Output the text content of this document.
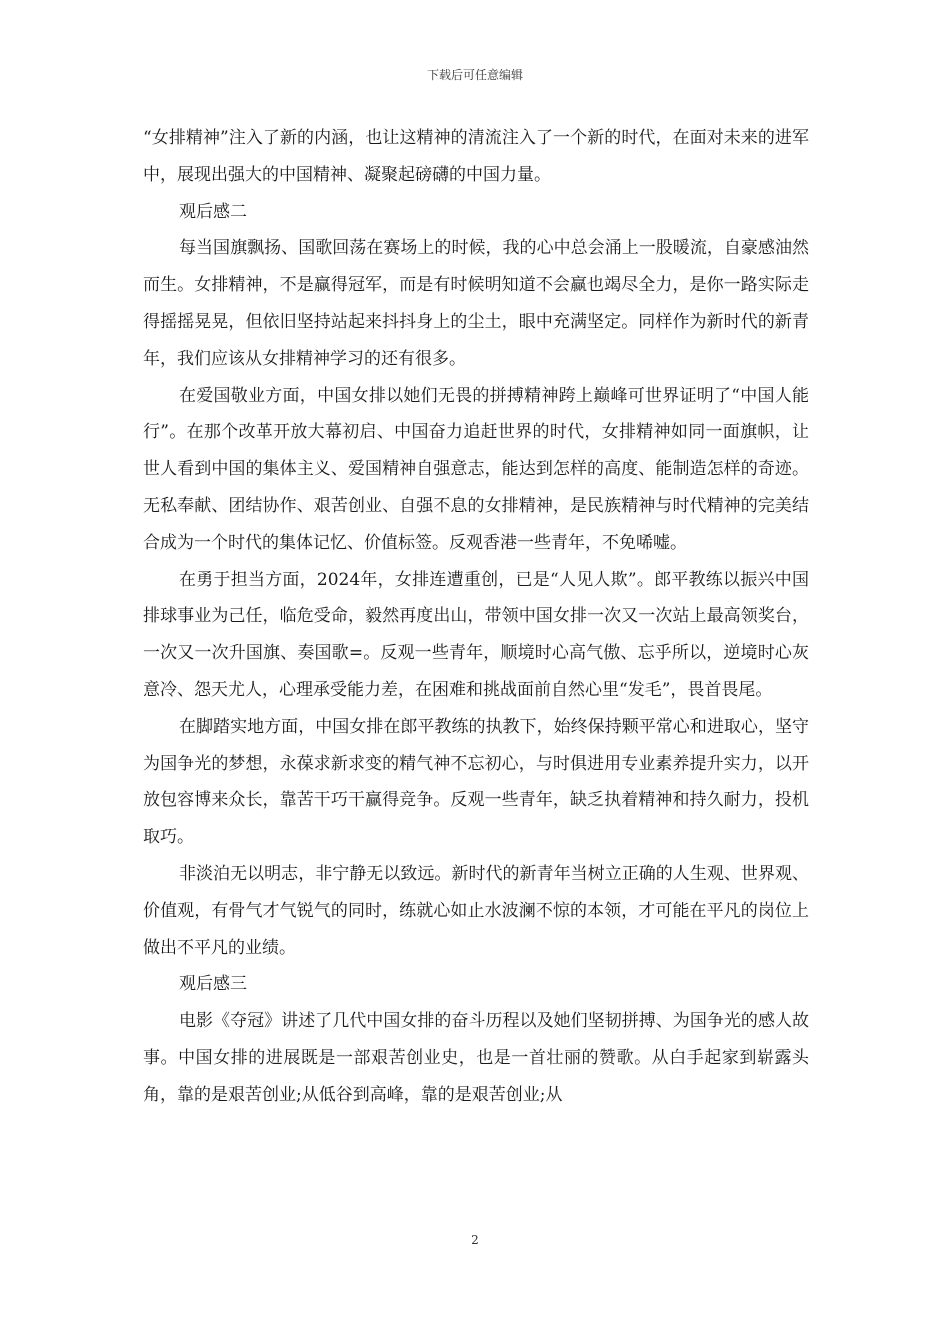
下载后可任意编辑

“女排精神”注入了新的内涵，也让这精神的清流注入了一个新的时代，在面对未来的进军中，展现出强大的中国精神、凝聚起磅礴的中国力量。

观后感二

每当国旗飘扬、国歌回荡在赛场上的时候，我的心中总会涌上一股暖流，自豪感油然而生。女排精神，不是赢得冠军，而是有时候明知道不会赢也竭尽全力，是你一路实际走得摇摇晃晃，但依旧坚持站起来抖抖身上的尘土，眼中充满坚定。同样作为新时代的新青年，我们应该从女排精神学习的还有很多。

在爱国敬业方面，中国女排以她们无畏的拼搏精神跨上巅峰可世界证明了“中国人能行”。在那个改革开放大幕初启、中国奋力追赶世界的时代，女排精神如同一面旗帜，让世人看到中国的集体主义、爱国精神自强意志，能达到怎样的高度、能制造怎样的奇迹。无私奉献、团结协作、艰苦创业、自强不息的女排精神，是民族精神与时代精神的完美结合成为一个时代的集体记忆、价值标签。反观香港一些青年，不免唏嘘。

在勇于担当方面，2024年，女排连遭重创，已是“人见人欺”。郎平教练以振兴中国排球事业为己任，临危受命，毅然再度出山，带领中国女排一次又一次站上最高领奖台，一次又一次升国旗、奏国歌=。反观一些青年，顺境时心高气傲、忘乎所以，逆境时心灰意冷、怨天尤人，心理承受能力差，在困难和挑战面前自然心里“发毛”，畏首畏尾。

在脚踏实地方面，中国女排在郎平教练的执教下，始终保持颗平常心和进取心，坚守为国争光的梦想，永葆求新求变的精气神不忘初心，与时俱进用专业素养提升实力，以开放包容博来众长，靠苦干巧干赢得竞争。反观一些青年，缺乏执着精神和持久耐力，投机取巧。

非淡泊无以明志，非宁静无以致远。新时代的新青年当树立正确的人生观、世界观、价值观，有骨气才气锐气的同时，练就心如止水波澜不惊的本领，才可能在平凡的岗位上做出不平凡的业绩。

观后感三

电影《夺冠》讲述了几代中国女排的奋斗历程以及她们坚韧拼搏、为国争光的感人故事。中国女排的进展既是一部艰苦创业史，也是一首壮丽的赞歌。从白手起家到崭露头角，靠的是艰苦创业;从低谷到高峰，靠的是艰苦创业;从

2
